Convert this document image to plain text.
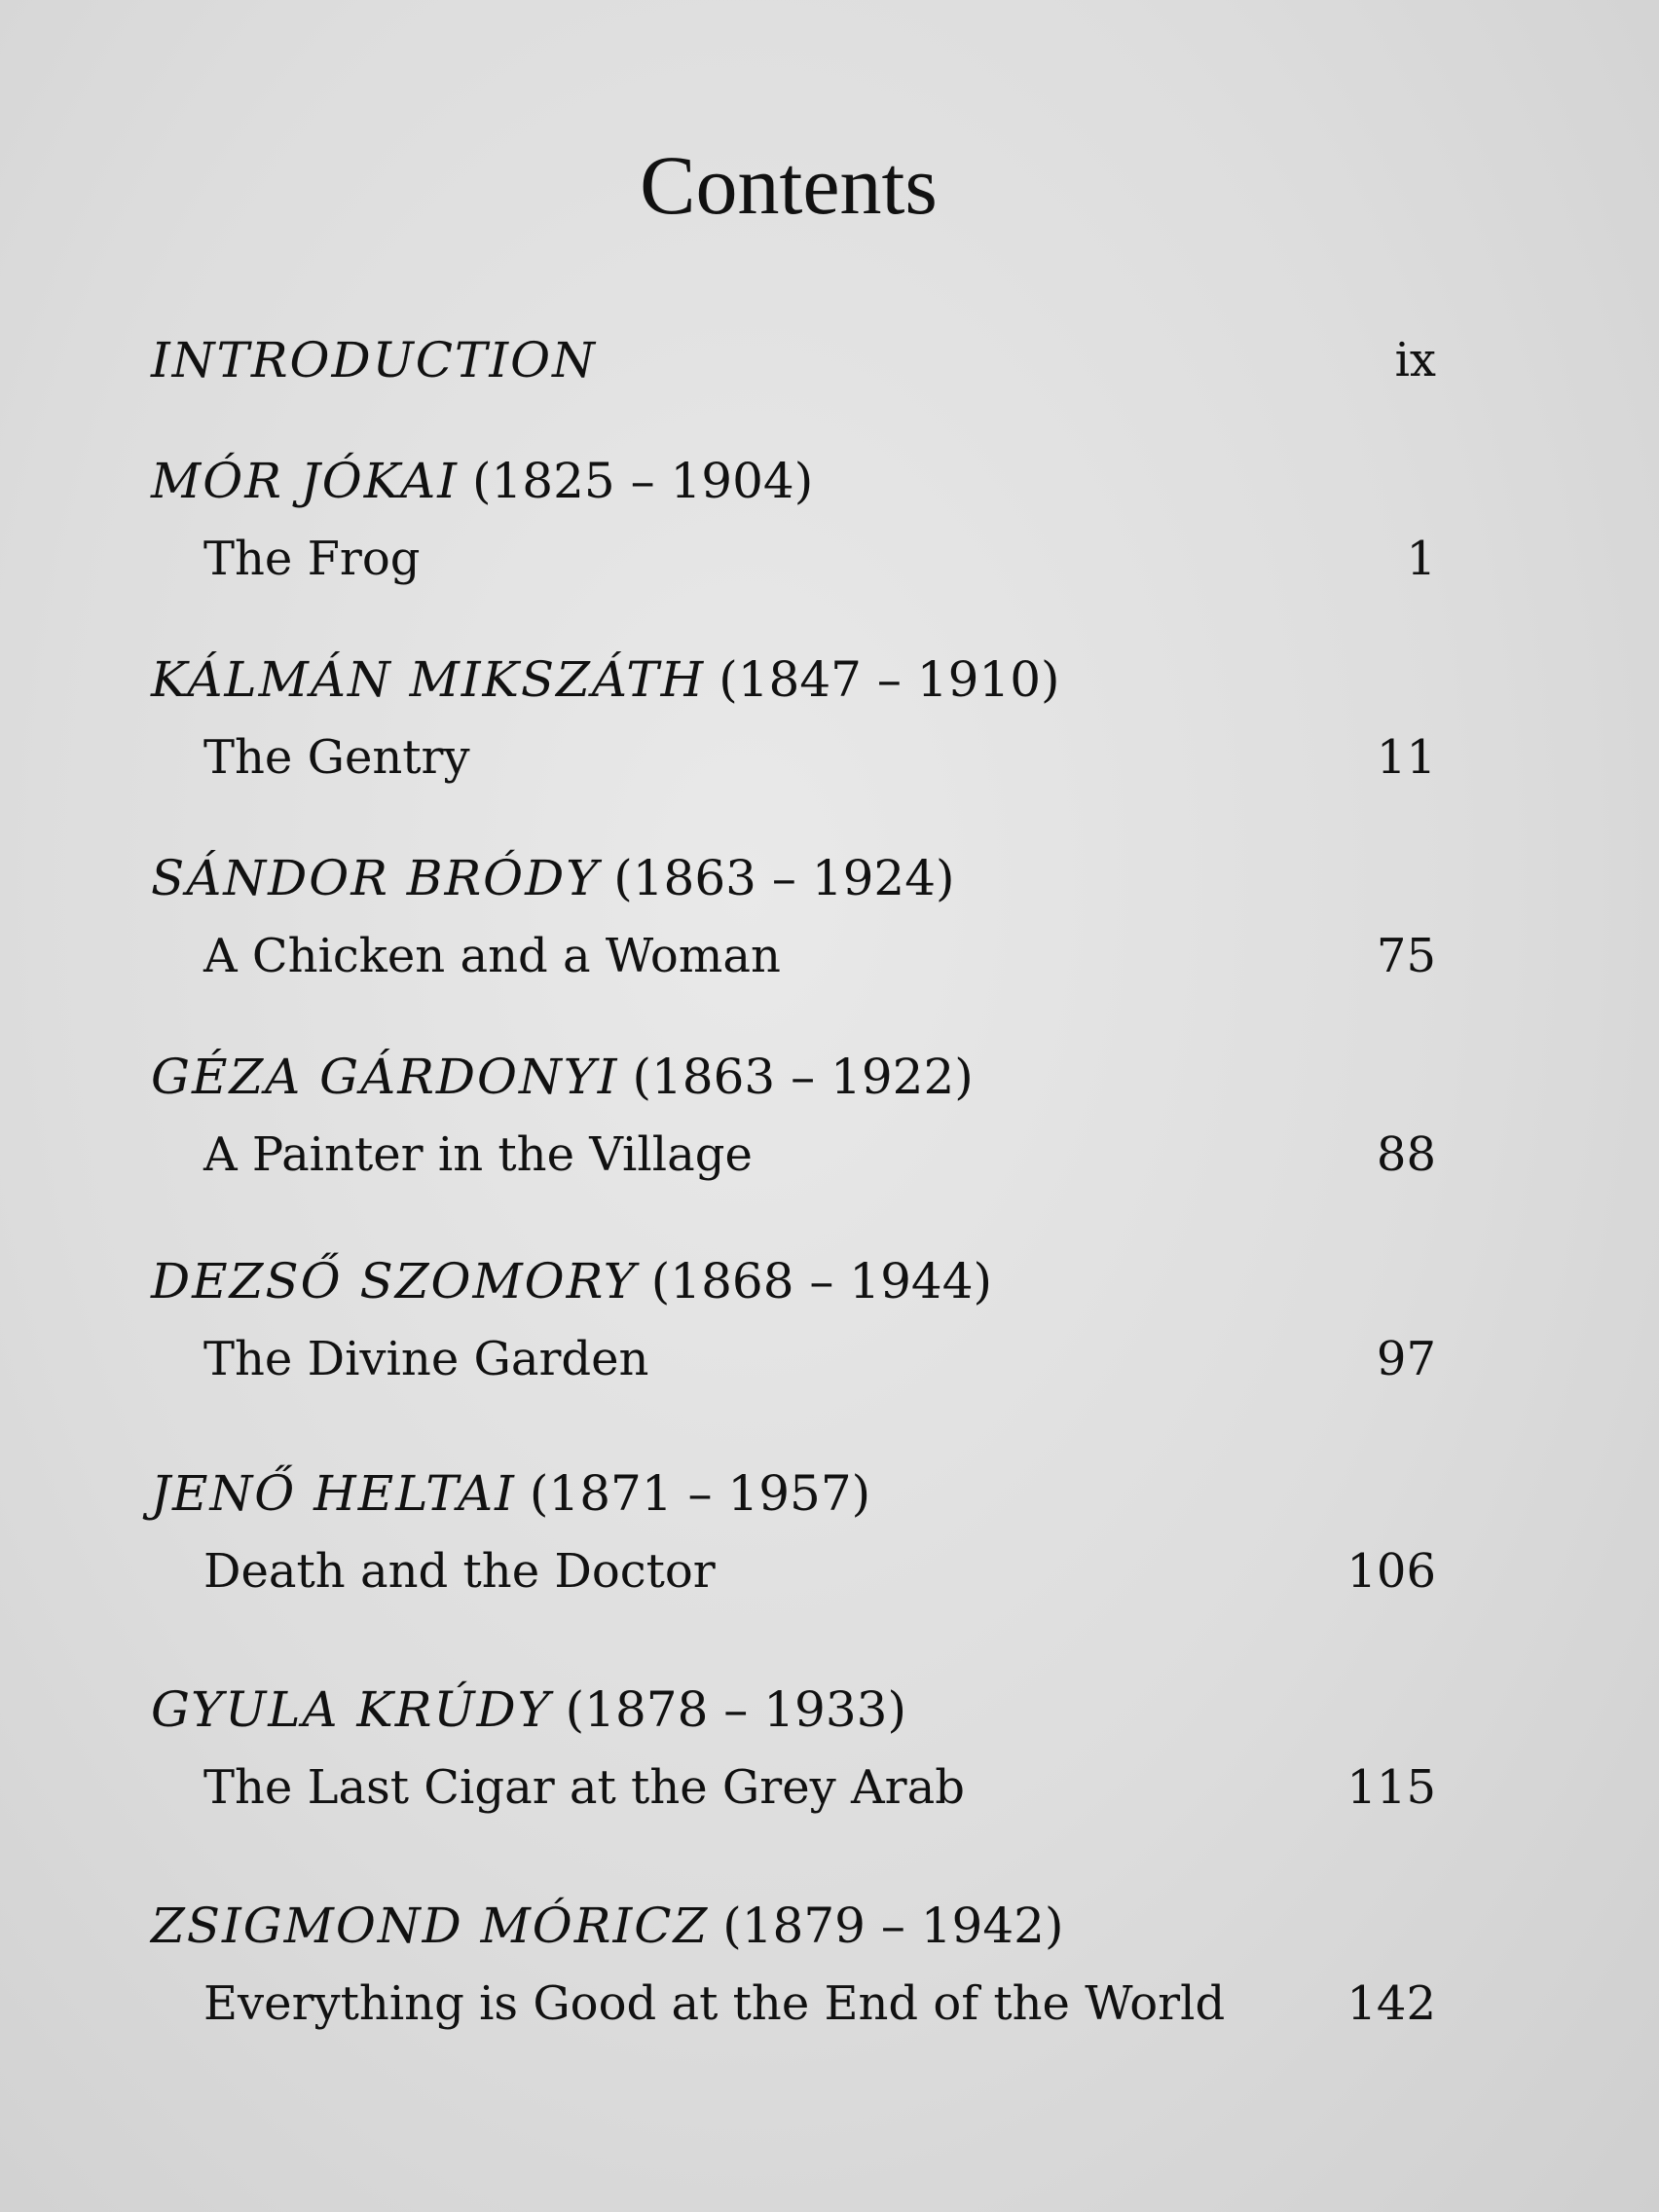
Contents
INTRODUCTION	ix
MÓR JÓKAI (1825 – 1904)
The Frog	1
KÁLMÁN MIKSZÁTH (1847 – 1910)
The Gentry	11
SÁNDOR BRÓDY (1863 – 1924)
A Chicken and a Woman	75
GÉZA GÁRDONYI (1863 – 1922)
A Painter in the Village	88
DEZSŐ SZOMORY (1868 – 1944)
The Divine Garden	97
JENŐ HELTAI (1871 – 1957)
Death and the Doctor	106
GYULA KRÚDY (1878 – 1933)
The Last Cigar at the Grey Arab	115
ZSIGMOND MÓRICZ (1879 – 1942)
Everything is Good at the End of the World	142
